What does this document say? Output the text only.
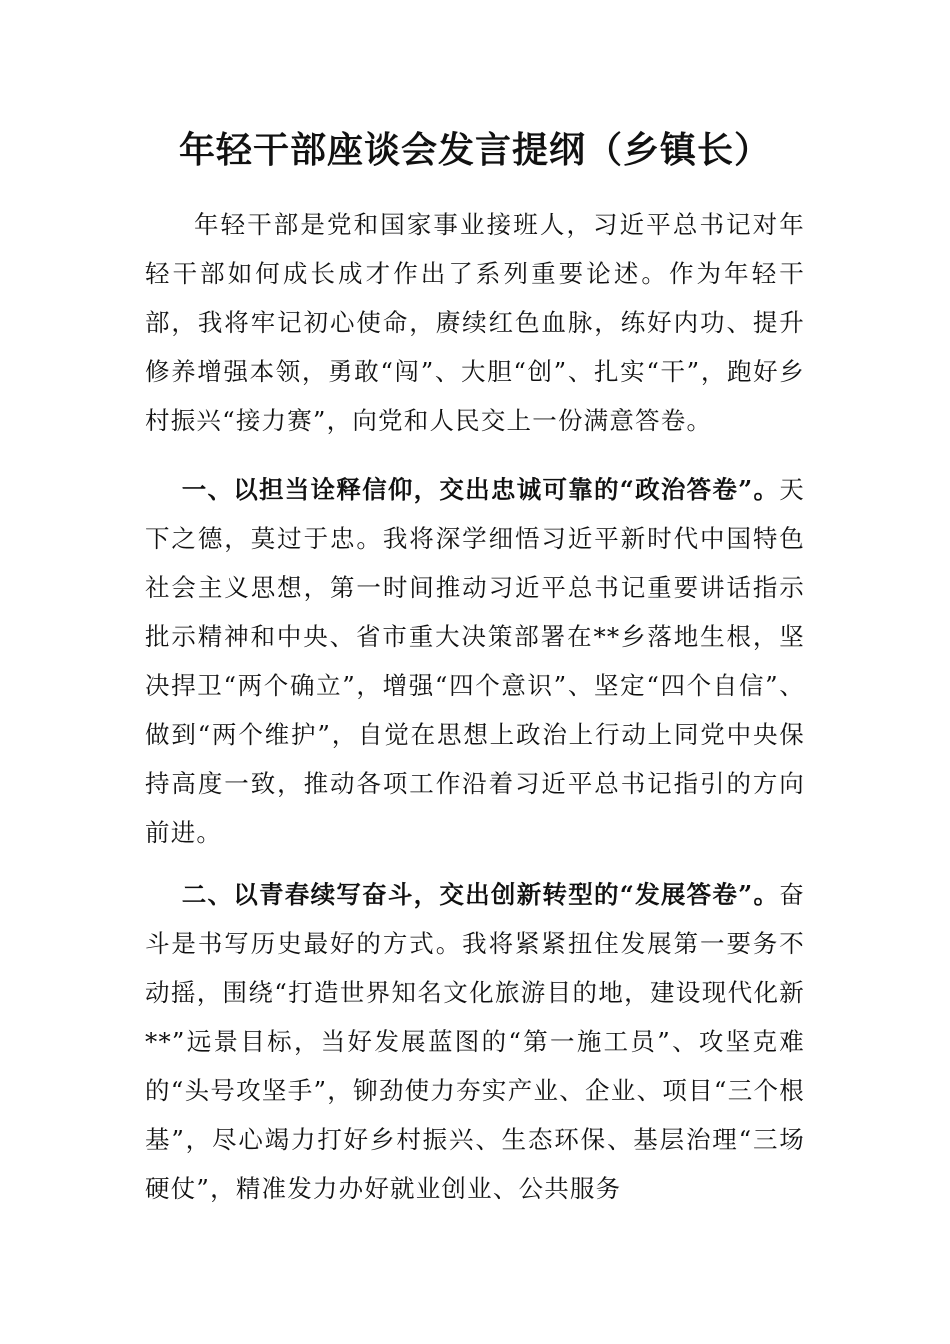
年轻干部座谈会发言提纲（乡镇长）

年轻干部是党和国家事业接班人，习近平总书记对年轻干部如何成长成才作出了系列重要论述。作为年轻干部，我将牢记初心使命，赓续红色血脉，练好内功、提升修养增强本领，勇敢“闯”、大胆“创”、扎实“干”，跑好乡村振兴“接力赛”，向党和人民交上一份满意答卷。

一、以担当诠释信仰，交出忠诚可靠的“政治答卷”。天下之德，莫过于忠。我将深学细悟习近平新时代中国特色社会主义思想，第一时间推动习近平总书记重要讲话指示批示精神和中央、省市重大决策部署在**乡落地生根，坚决捍卫“两个确立”，增强“四个意识”、坚定“四个自信”、做到“两个维护”，自觉在思想上政治上行动上同党中央保持高度一致，推动各项工作沿着习近平总书记指引的方向前进。

二、以青春续写奋斗，交出创新转型的“发展答卷”。奋斗是书写历史最好的方式。我将紧紧扭住发展第一要务不动摇，围绕“打造世界知名文化旅游目的地，建设现代化新**”远景目标，当好发展蓝图的“第一施工员”、攻坚克难的“头号攻坚手”，铆劲使力夯实产业、企业、项目“三个根基”，尽心竭力打好乡村振兴、生态环保、基层治理“三场硬仗”，精准发力办好就业创业、公共服务
